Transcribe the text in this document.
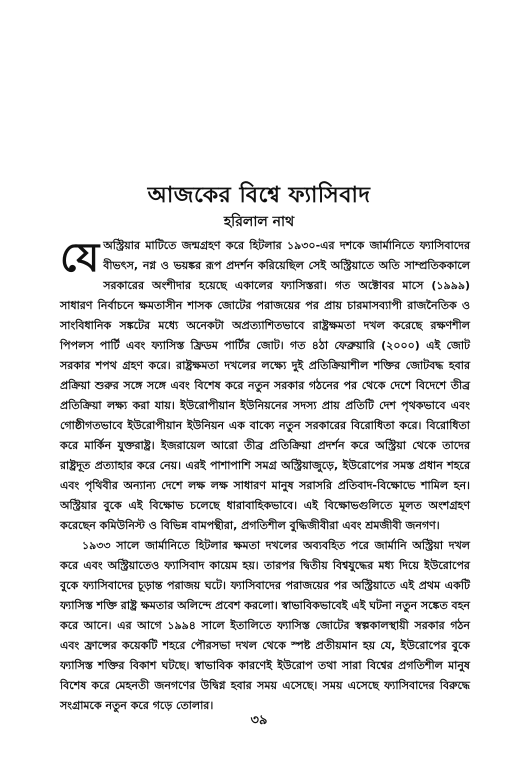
আজকের বিশ্বে ফ্যাসিবাদ
হরিলাল নাথ

যে অস্ট্রিয়ার মাটিতে জন্মগ্রহণ করে হিটলার ১৯৩০-এর দশকে জার্মানিতে ফ্যাসিবাদের বীভৎস, নগ্ন ও ভয়ঙ্কর রূপ প্রদর্শন করিয়েছিল সেই অস্ট্রিয়াতে অতি সাম্প্রতিককালে সরকারের অংশীদার হয়েছে একালের ফ্যাসিস্তরা। গত অক্টোবর মাসে (১৯৯৯) সাধারণ নির্বাচনে ক্ষমতাসীন শাসক জোটের পরাজয়ের পর প্রায় চারমাসব্যাপী রাজনৈতিক ও সাংবিধানিক সঙ্কটের মধ্যে অনেকটা অপ্রত্যাশিতভাবে রাষ্ট্রক্ষমতা দখল করেছে রক্ষণশীল পিপলস পার্টি এবং ফ্যাসিস্ত ফ্রিডম পার্টির জোট। গত ৪ঠা ফেব্রুয়ারি (২০০০) এই জোট সরকার শপথ গ্রহণ করে। রাষ্ট্রক্ষমতা দখলের লক্ষ্যে দুই প্রতিক্রিয়াশীল শক্তির জোটবদ্ধ হবার প্রক্রিয়া শুরুর সঙ্গে সঙ্গে এবং বিশেষ করে নতুন সরকার গঠনের পর থেকে দেশে বিদেশে তীব্র প্রতিক্রিয়া লক্ষ্য করা যায়। ইউরোপীয়ান ইউনিয়নের সদস্য প্রায় প্রতিটি দেশ পৃথকভাবে এবং গোষ্ঠীগতভাবে ইউরোপীয়ান ইউনিয়ন এক বাক্যে নতুন সরকারের বিরোধিতা করে। বিরোধিতা করে মার্কিন যুক্তরাষ্ট্র। ইজরায়েল আরো তীব্র প্রতিক্রিয়া প্রদর্শন করে অস্ট্রিয়া থেকে তাদের রাষ্ট্রদূত প্রত্যাহার করে নেয়। এরই পাশাপাশি সমগ্র অস্ট্রিয়াজুড়ে, ইউরোপের সমস্ত প্রধান শহরে এবং পৃথিবীর অন্যান্য দেশে লক্ষ লক্ষ সাধারণ মানুষ সরাসরি প্রতিবাদ-বিক্ষোভে শামিল হন। অস্ট্রিয়ার বুকে এই বিক্ষোভ চলেছে ধারাবাহিকভাবে। এই বিক্ষোভগুলিতে মূলত অংশগ্রহণ করেছেন কমিউনিস্ট ও বিভিন্ন বামপন্থীরা, প্রগতিশীল বুদ্ধিজীবীরা এবং শ্রমজীবী জনগণ।

১৯৩৩ সালে জার্মানিতে হিটলার ক্ষমতা দখলের অব্যবহিত পরে জার্মানি অস্ট্রিয়া দখল করে এবং অস্ট্রিয়াতেও ফ্যাসিবাদ কায়েম হয়। তারপর দ্বিতীয় বিশ্বযুদ্ধের মধ্য দিয়ে ইউরোপের বুকে ফ্যাসিবাদের চূড়ান্ত পরাজয় ঘটে। ফ্যাসিবাদের পরাজয়ের পর অস্ট্রিয়াতে এই প্রথম একটি ফ্যাসিস্ত শক্তি রাষ্ট্র ক্ষমতার অলিন্দে প্রবেশ করলো। স্বাভাবিকভাবেই এই ঘটনা নতুন সঙ্কেত বহন করে আনে। এর আগে ১৯৯৪ সালে ইতালিতে ফ্যাসিস্ত জোটের স্বল্পকালস্থায়ী সরকার গঠন এবং ফ্রান্সের কয়েকটি শহরে পৌরসভা দখল থেকে স্পষ্ট প্রতীয়মান হয় যে, ইউরোপের বুকে ফ্যাসিস্ত শক্তির বিকাশ ঘটছে। স্বাভাবিক কারণেই ইউরোপ তথা সারা বিশ্বের প্রগতিশীল মানুষ বিশেষ করে মেহনতী জনগণের উদ্বিগ্ন হবার সময় এসেছে। সময় এসেছে ফ্যাসিবাদের বিরুদ্ধে সংগ্রামকে নতুন করে গড়ে তোলার।

৩৯
